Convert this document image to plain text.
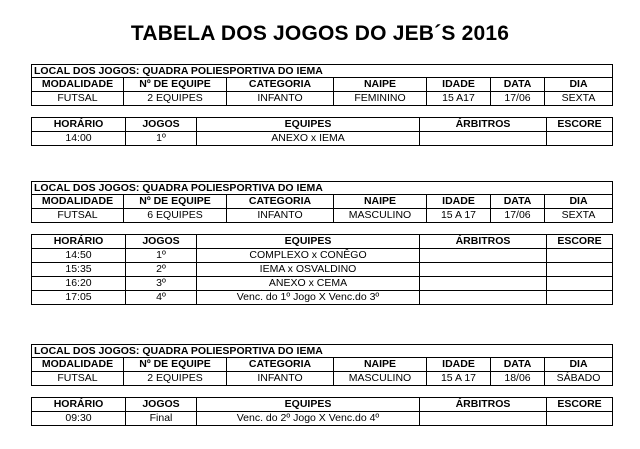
TABELA DOS JOGOS DO JEB´S 2016
LOCAL DOS JOGOS: QUADRA POLIESPORTIVA DO IEMA						
MODALIDADE	Nº DE EQUIPE	CATEGORIA	NAIPE	IDADE	DATA	DIA
FUTSAL	2 EQUIPES	INFANTO	FEMININO	15 A17	17/06	SEXTA
HORÁRIO	JOGOS	EQUIPES	ÁRBITROS	ESCORE
14:00	1º	ANEXO x IEMA		
LOCAL DOS JOGOS: QUADRA POLIESPORTIVA DO IEMA						
MODALIDADE	Nº DE EQUIPE	CATEGORIA	NAIPE	IDADE	DATA	DIA
FUTSAL	6 EQUIPES	INFANTO	MASCULINO	15 A 17	17/06	SEXTA
HORÁRIO	JOGOS	EQUIPES	ÁRBITROS	ESCORE
14:50	1º	COMPLEXO x CONÊGO		
15:35	2º	IEMA x OSVALDINO		
16:20	3º	ANEXO x CEMA		
17:05	4º	Venc. do 1º Jogo X Venc.do 3º		
LOCAL DOS JOGOS: QUADRA POLIESPORTIVA DO IEMA						
MODALIDADE	Nº DE EQUIPE	CATEGORIA	NAIPE	IDADE	DATA	DIA
FUTSAL	2 EQUIPES	INFANTO	MASCULINO	15 A 17	18/06	SÁBADO
HORÁRIO	JOGOS	EQUIPES	ÁRBITROS	ESCORE
09:30	Final	Venc. do 2º Jogo X Venc.do 4º		
